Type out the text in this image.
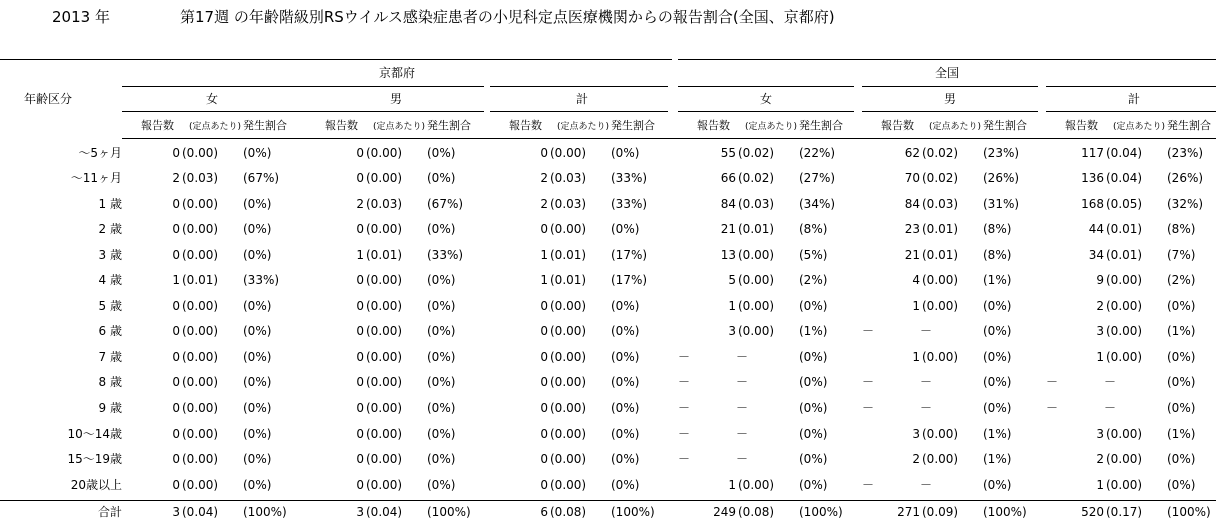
2013 年	第17週 の年齢階級別RSウイルス感染症患者の小児科定点医療機関からの報告割合(全国、京都府)
年齢区分
京都府	全国
女
報告数 (定点あたり) 発生割合
男
報告数 (定点あたり) 発生割合
計
報告数 (定点あたり) 発生割合
女
報告数 (定点あたり) 発生割合
男
報告数 (定点あたり) 発生割合
計
報告数 (定点あたり) 発生割合
～5ヶ月	0 (0.00) (0%)	0 (0.00) (0%)	0 (0.00) (0%)	55 (0.02) (22%)	62 (0.02) (23%)	117 (0.04) (23%)
～11ヶ月	2 (0.03) (67%)	0 (0.00) (0%)	2 (0.03) (33%)	66 (0.02) (27%)	70 (0.02) (26%)	136 (0.04) (26%)
1 歳	0 (0.00) (0%)	2 (0.03) (67%)	2 (0.03) (33%)	84 (0.03) (34%)	84 (0.03) (31%)	168 (0.05) (32%)
2 歳	0 (0.00) (0%)	0 (0.00) (0%)	0 (0.00) (0%)	21 (0.01) (8%)	23 (0.01) (8%)	44 (0.01) (8%)
3 歳	0 (0.00) (0%)	1 (0.01) (33%)	1 (0.01) (17%)	13 (0.00) (5%)	21 (0.01) (8%)	34 (0.01) (7%)
4 歳	1 (0.01) (33%)	0 (0.00) (0%)	1 (0.01) (17%)	5 (0.00) (2%)	4 (0.00) (1%)	9 (0.00) (2%)
5 歳	0 (0.00) (0%)	0 (0.00) (0%)	0 (0.00) (0%)	1 (0.00) (0%)	1 (0.00) (0%)	2 (0.00) (0%)
6 歳	0 (0.00) (0%)	0 (0.00) (0%)	0 (0.00) (0%)	3 (0.00) (1%)	－	－	(0%)	3 (0.00) (1%)
7 歳	0 (0.00) (0%)	0 (0.00) (0%)	0 (0.00) (0%)	－	－	(0%)	1 (0.00) (0%)	1 (0.00) (0%)
8 歳	0 (0.00) (0%)	0 (0.00) (0%)	0 (0.00) (0%)	－	－	(0%)	－	－	(0%)	－	－	(0%)
9 歳	0 (0.00) (0%)	0 (0.00) (0%)	0 (0.00) (0%)	－	－	(0%)	－	－	(0%)	－	－	(0%)
10～14歳	0 (0.00) (0%)	0 (0.00) (0%)	0 (0.00) (0%)	－	－	(0%)	3 (0.00) (1%)	3 (0.00) (1%)
15～19歳	0 (0.00) (0%)	0 (0.00) (0%)	0 (0.00) (0%)	－	－	(0%)	2 (0.00) (1%)	2 (0.00) (0%)
20歳以上	0 (0.00) (0%)	0 (0.00) (0%)	0 (0.00) (0%)	1 (0.00) (0%)	－	－	(0%)	1 (0.00) (0%)
合計	3 (0.04) (100%)	3 (0.04) (100%)	6 (0.08) (100%)	249 (0.08) (100%)	271 (0.09) (100%)	520 (0.17) (100%)
